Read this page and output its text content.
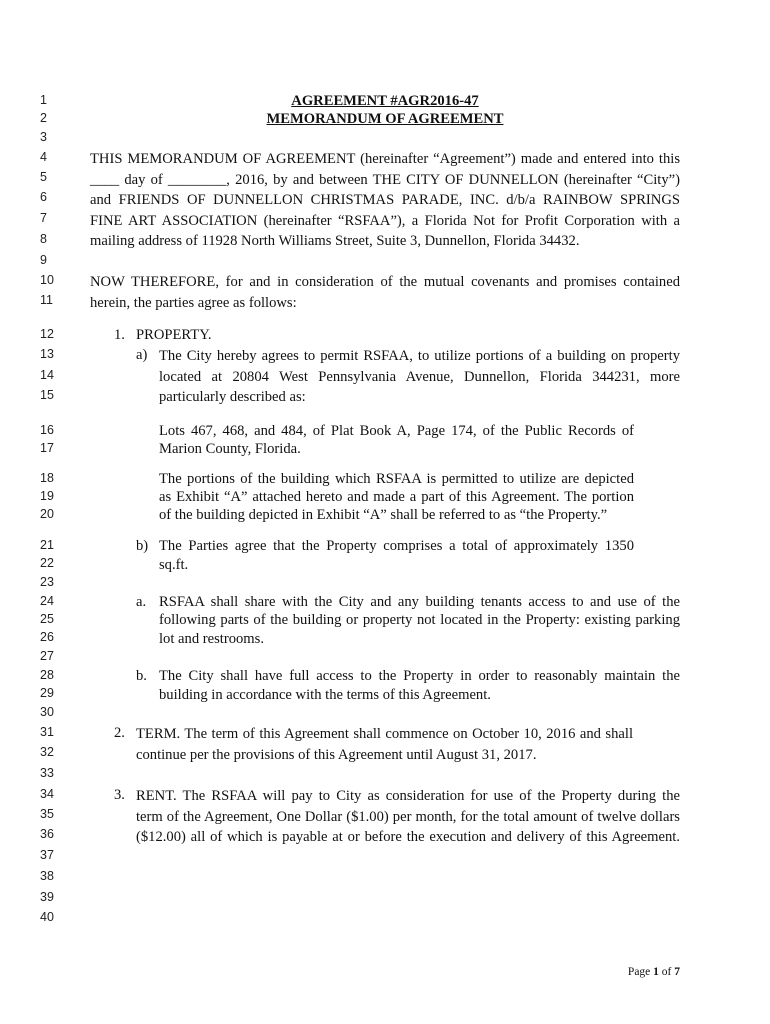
1
2
3
4
5
6
7
8
9
10
11
12
13
14
15
16
17
18
19
20
21
22
23
24
25
26
27
28
29
30
31
32
33
34
35
36
37
38
39
40
AGREEMENT #AGR2016-47
MEMORANDUM OF AGREEMENT
THIS MEMORANDUM OF AGREEMENT (hereinafter “Agreement”) made and entered into this
____ day of ________, 2016, by and between THE CITY OF DUNNELLON (hereinafter “City”)
and FRIENDS OF DUNNELLON CHRISTMAS PARADE, INC. d/b/a RAINBOW SPRINGS
FINE ART ASSOCIATION (hereinafter “RSFAA”), a Florida Not for Profit Corporation with a
mailing address of 11928 North Williams Street, Suite 3, Dunnellon, Florida 34432.
NOW THEREFORE, for and in consideration of the mutual covenants and promises contained
herein, the parties agree as follows:
1. PROPERTY.
a) The City hereby agrees to permit RSFAA, to utilize portions of a building on property
located at 20804 West Pennsylvania Avenue, Dunnellon, Florida 344231, more
particularly described as:
Lots 467, 468, and 484, of Plat Book A, Page 174, of the Public Records of
Marion County, Florida.
The portions of the building which RSFAA is permitted to utilize are depicted
as Exhibit “A” attached hereto and made a part of this Agreement. The portion
of the building depicted in Exhibit “A” shall be referred to as “the Property.”
b) The Parties agree that the Property comprises a total of approximately 1350
sq.ft.
a. RSFAA shall share with the City and any building tenants access to and use of the
following parts of the building or property not located in the Property: existing parking
lot and restrooms.
b. The City shall have full access to the Property in order to reasonably maintain the
building in accordance with the terms of this Agreement.
2. TERM. The term of this Agreement shall commence on October 10, 2016 and shall
continue per the provisions of this Agreement until August 31, 2017.
3. RENT. The RSFAA will pay to City as consideration for use of the Property during the
term of the Agreement, One Dollar ($1.00) per month, for the total amount of twelve dollars
($12.00) all of which is payable at or before the execution and delivery of this Agreement.
Page 1 of 7
